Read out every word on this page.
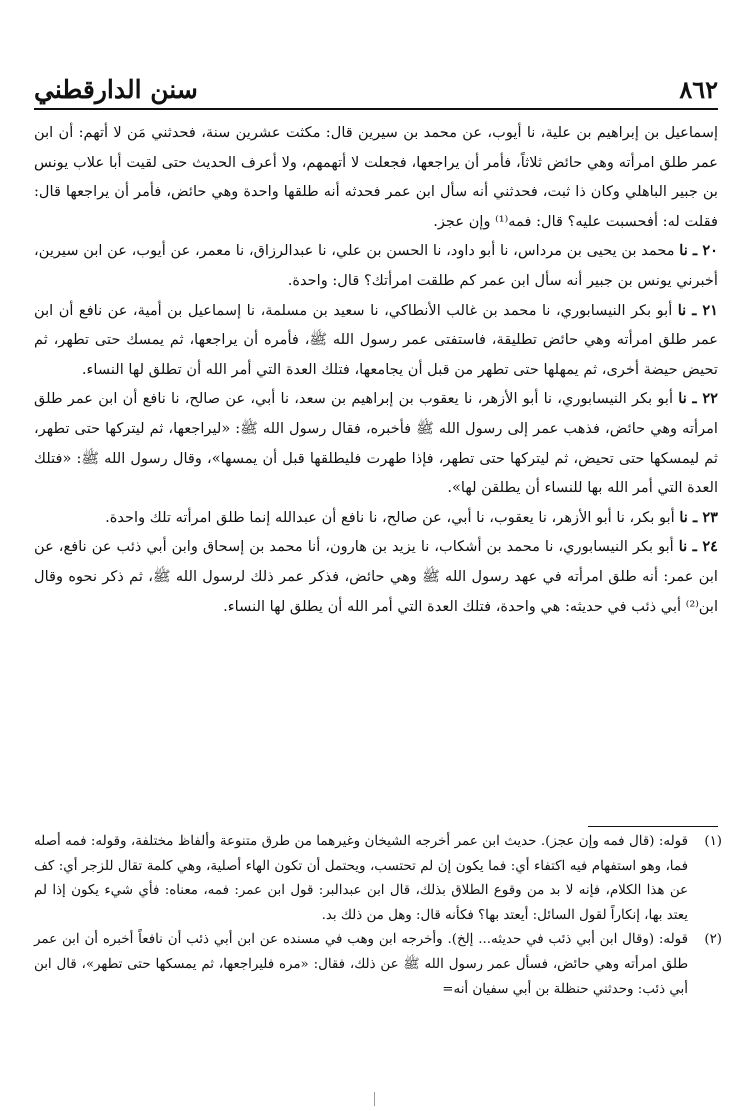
٨٦٢
سنن الدارقطني

إسماعيل بن إبراهيم بن علية، نا أيوب، عن محمد بن سيرين قال: مكثت عشرين سنة، فحدثني مَن لا أتهم: أن ابن عمر طلق امرأته وهي حائض ثلاثاً، فأمر أن يراجعها، فجعلت لا أتهمهم، ولا أعرف الحديث حتى لقيت أبا علاب يونس بن جبير الباهلي وكان ذا ثبت، فحدثني أنه سأل ابن عمر فحدثه أنه طلقها واحدة وهي حائض، فأمر أن يراجعها قال: فقلت له: أفحسبت عليه؟ قال: فمه⁽¹⁾ وإن عجز.

٢٠ ـ نا محمد بن يحيى بن مرداس، نا أبو داود، نا الحسن بن علي، نا عبدالرزاق، نا معمر، عن أيوب، عن ابن سيرين، أخبرني يونس بن جبير أنه سأل ابن عمر كم طلقت امرأتك؟ قال: واحدة.

٢١ ـ نا أبو بكر النيسابوري، نا محمد بن غالب الأنطاكي، نا سعيد بن مسلمة، نا إسماعيل بن أمية، عن نافع أن ابن عمر طلق امرأته وهي حائض تطليقة، فاستفتى عمر رسول الله ﷺ، فأمره أن يراجعها، ثم يمسك حتى تطهر، ثم تحيض حيضة أخرى، ثم يمهلها حتى تطهر من قبل أن يجامعها، فتلك العدة التي أمر الله أن تطلق لها النساء.

٢٢ ـ نا أبو بكر النيسابوري، نا أبو الأزهر، نا يعقوب بن إبراهيم بن سعد، نا أبي، عن صالح، نا نافع أن ابن عمر طلق امرأته وهي حائض، فذهب عمر إلى رسول الله ﷺ فأخبره، فقال رسول الله ﷺ: «ليراجعها، ثم ليتركها حتى تطهر، ثم ليمسكها حتى تحيض، ثم ليتركها حتى تطهر، فإذا طهرت فليطلقها قبل أن يمسها»، وقال رسول الله ﷺ: «فتلك العدة التي أمر الله بها للنساء أن يطلقن لها».

٢٣ ـ نا أبو بكر، نا أبو الأزهر، نا يعقوب، نا أبي، عن صالح، نا نافع أن عبدالله إنما طلق امرأته تلك واحدة.

٢٤ ـ نا أبو بكر النيسابوري، نا محمد بن أشكاب، نا يزيد بن هارون، أنا محمد بن إسحاق وابن أبي ذئب عن نافع، عن ابن عمر: أنه طلق امرأته في عهد رسول الله ﷺ وهي حائض، فذكر عمر ذلك لرسول الله ﷺ، ثم ذكر نحوه وقال ابن⁽²⁾ أبي ذئب في حديثه: هي واحدة، فتلك العدة التي أمر الله أن يطلق لها النساء.

(١)
قوله: (قال فمه وإن عجز). حديث ابن عمر أخرجه الشيخان وغيرهما من طرق متنوعة وألفاظ مختلفة، وقوله: فمه أصله فما، وهو استفهام فيه اكتفاء أي: فما يكون إن لم تحتسب، ويحتمل أن تكون الهاء أصلية، وهي كلمة تقال للزجر أي: كف عن هذا الكلام، فإنه لا بد من وقوع الطلاق بذلك، قال ابن عبدالبر: قول ابن عمر: فمه، معناه: فأي شيء يكون إذا لم يعتد بها، إنكاراً لقول السائل: أيعتد بها؟ فكأنه قال: وهل من ذلك بد.
(٢)
قوله: (وقال ابن أبي ذئب في حديثه... إلخ). وأخرجه ابن وهب في مسنده عن ابن أبي ذئب أن نافعاً أخبره أن ابن عمر طلق امرأته وهي حائض، فسأل عمر رسول الله ﷺ عن ذلك، فقال: «مره فليراجعها، ثم يمسكها حتى تطهر»، قال ابن أبي ذئب: وحدثني حنظلة بن أبي سفيان أنه=
